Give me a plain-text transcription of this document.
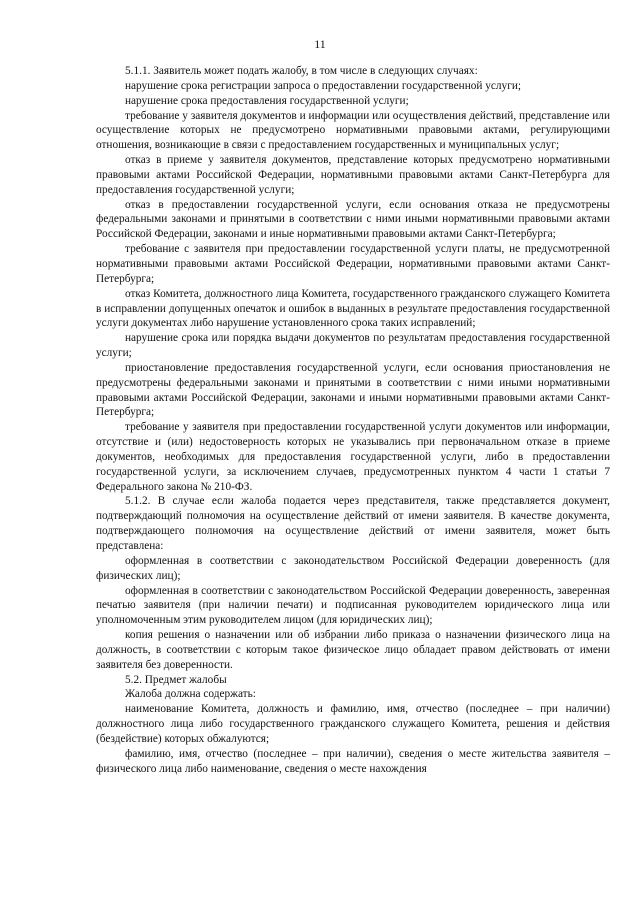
11

5.1.1. Заявитель может подать жалобу, в том числе в следующих случаях:

нарушение срока регистрации запроса о предоставлении государственной услуги;

нарушение срока предоставления государственной услуги;

требование у заявителя документов и информации или осуществления действий, представление или осуществление которых не предусмотрено нормативными правовыми актами, регулирующими отношения, возникающие в связи с предоставлением государственных и муниципальных услуг;

отказ в приеме у заявителя документов, представление которых предусмотрено нормативными правовыми актами Российской Федерации, нормативными правовыми актами Санкт-Петербурга для предоставления государственной услуги;

отказ в предоставлении государственной услуги, если основания отказа не предусмотрены федеральными законами и принятыми в соответствии с ними иными нормативными правовыми актами Российской Федерации, законами и иные нормативными правовыми актами Санкт-Петербурга;

требование с заявителя при предоставлении государственной услуги платы, не предусмотренной нормативными правовыми актами Российской Федерации, нормативными правовыми актами Санкт-Петербурга;

отказ Комитета, должностного лица Комитета, государственного гражданского служащего Комитета в исправлении допущенных опечаток и ошибок в выданных в результате предоставления государственной услуги документах либо нарушение установленного срока таких исправлений;

нарушение срока или порядка выдачи документов по результатам предоставления государственной услуги;

приостановление предоставления государственной услуги, если основания приостановления не предусмотрены федеральными законами и принятыми в соответствии с ними иными нормативными правовыми актами Российской Федерации, законами и иными нормативными правовыми актами Санкт-Петербурга;

требование у заявителя при предоставлении государственной услуги документов или информации, отсутствие и (или) недостоверность которых не указывались при первоначальном отказе в приеме документов, необходимых для предоставления государственной услуги, либо в предоставлении государственной услуги, за исключением случаев, предусмотренных пунктом 4 части 1 статьи 7 Федерального закона № 210-ФЗ.

5.1.2. В случае если жалоба подается через представителя, также представляется документ, подтверждающий полномочия на осуществление действий от имени заявителя. В качестве документа, подтверждающего полномочия на осуществление действий от имени заявителя, может быть представлена:

оформленная в соответствии с законодательством Российской Федерации доверенность (для физических лиц);

оформленная в соответствии с законодательством Российской Федерации доверенность, заверенная печатью заявителя (при наличии печати) и подписанная руководителем юридического лица или уполномоченным этим руководителем лицом (для юридических лиц);

копия решения о назначении или об избрании либо приказа о назначении физического лица на должность, в соответствии с которым такое физическое лицо обладает правом действовать от имени заявителя без доверенности.

5.2. Предмет жалобы

Жалоба должна содержать:

наименование Комитета, должность и фамилию, имя, отчество (последнее – при наличии) должностного лица либо государственного гражданского служащего Комитета, решения и действия (бездействие) которых обжалуются;

фамилию, имя, отчество (последнее – при наличии), сведения о месте жительства заявителя – физического лица либо наименование, сведения о месте нахождения
